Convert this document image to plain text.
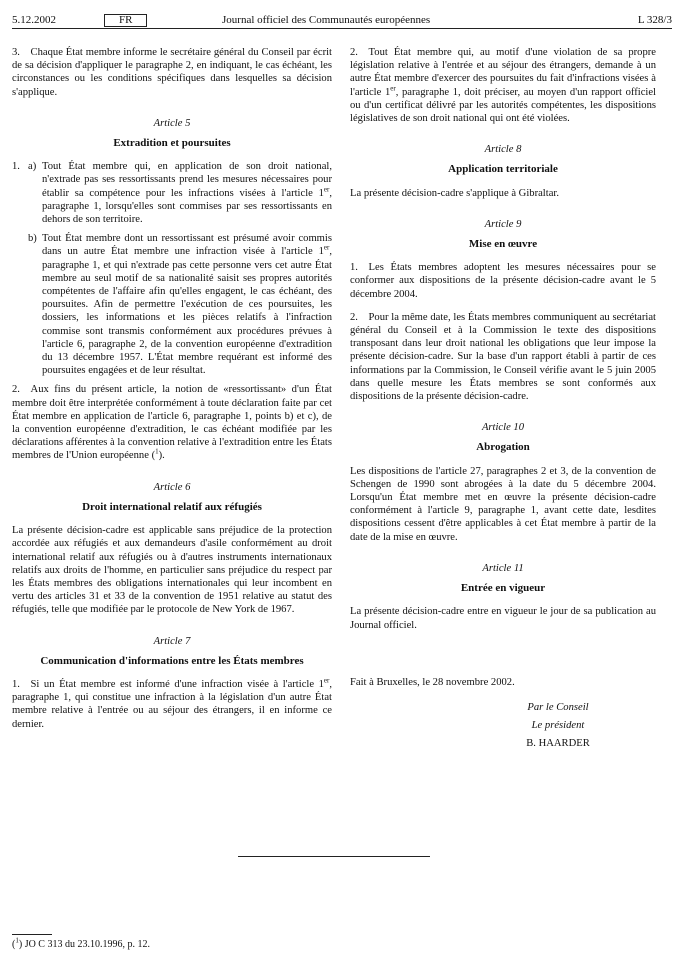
5.12.2002	FR	Journal officiel des Communautés européennes	L 328/3

3. Chaque État membre informe le secrétaire général du Conseil par écrit de sa décision d'appliquer le paragraphe 2, en indiquant, le cas échéant, les circonstances ou les conditions spécifiques dans lesquelles sa décision s'applique.

Article 5
Extradition et poursuites
1. a) Tout État membre qui, en application de son droit national, n'extrade pas ses ressortissants prend les mesures nécessaires pour établir sa compétence pour les infractions visées à l'article 1er, paragraphe 1, lorsqu'elles sont commises par ses ressortissants en dehors de son territoire.
b) Tout État membre dont un ressortissant est présumé avoir commis dans un autre État membre une infraction visée à l'article 1er, paragraphe 1, et qui n'extrade pas cette personne vers cet autre État membre au seul motif de sa nationalité saisit ses propres autorités compétentes de l'affaire afin qu'elles engagent, le cas échéant, des poursuites. Afin de permettre l'exécution de ces poursuites, les dossiers, les informations et les pièces relatifs à l'infraction commise sont transmis conformément aux procédures prévues à l'article 6, paragraphe 2, de la convention européenne d'extradition du 13 décembre 1957. L'État membre requérant est informé des poursuites engagées et de leur résultat.

2. Aux fins du présent article, la notion de «ressortissant» d'un État membre doit être interprétée conformément à toute déclaration faite par cet État membre en application de l'article 6, paragraphe 1, points b) et c), de la convention européenne d'extradition, le cas échéant modifiée par les déclarations afférentes à la convention relative à l'extradition entre les États membres de l'Union européenne ($^1$).

Article 6
Droit international relatif aux réfugiés

La présente décision-cadre est applicable sans préjudice de la protection accordée aux réfugiés et aux demandeurs d'asile conformément au droit international relatif aux réfugiés ou à d'autres instruments internationaux relatifs aux droits de l'homme, en particulier sans préjudice du respect par les États membres des obligations internationales qui leur incombent en vertu des articles 31 et 33 de la convention de 1951 relative au statut des réfugiés, telle que modifiée par le protocole de New York de 1967.

Article 7
Communication d'informations entre les États membres

1. Si un État membre est informé d'une infraction visée à l'article 1er, paragraphe 1, qui constitue une infraction à la législation d'un autre État membre relative à l'entrée ou au séjour des étrangers, il en informe ce dernier.

2. Tout État membre qui, au motif d'une violation de sa propre législation relative à l'entrée et au séjour des étrangers, demande à un autre État membre d'exercer des poursuites du fait d'infractions visées à l'article 1er, paragraphe 1, doit préciser, au moyen d'un rapport officiel ou d'un certificat délivré par les autorités compétentes, les dispositions législatives de son droit national qui ont été violées.

Article 8
Application territoriale

La présente décision-cadre s'applique à Gibraltar.

Article 9
Mise en œuvre

1. Les États membres adoptent les mesures nécessaires pour se conformer aux dispositions de la présente décision-cadre avant le 5 décembre 2004.

2. Pour la même date, les États membres communiquent au secrétariat général du Conseil et à la Commission le texte des dispositions transposant dans leur droit national les obligations que leur impose la présente décision-cadre. Sur la base d'un rapport établi à partir de ces informations par la Commission, le Conseil vérifie avant le 5 juin 2005 dans quelle mesure les États membres se sont conformés aux dispositions de la présente décision-cadre.

Article 10
Abrogation

Les dispositions de l'article 27, paragraphes 2 et 3, de la convention de Schengen de 1990 sont abrogées à la date du 5 décembre 2004. Lorsqu'un État membre met en œuvre la présente décision-cadre conformément à l'article 9, paragraphe 1, avant cette date, lesdites dispositions cessent d'être applicables à cet État membre à partir de la date de la mise en œuvre.

Article 11
Entrée en vigueur

La présente décision-cadre entre en vigueur le jour de sa publication au Journal officiel.

Fait à Bruxelles, le 28 novembre 2002.

Par le Conseil

Le président

B. HAARDER

($^1$) JO C 313 du 23.10.1996, p. 12.
